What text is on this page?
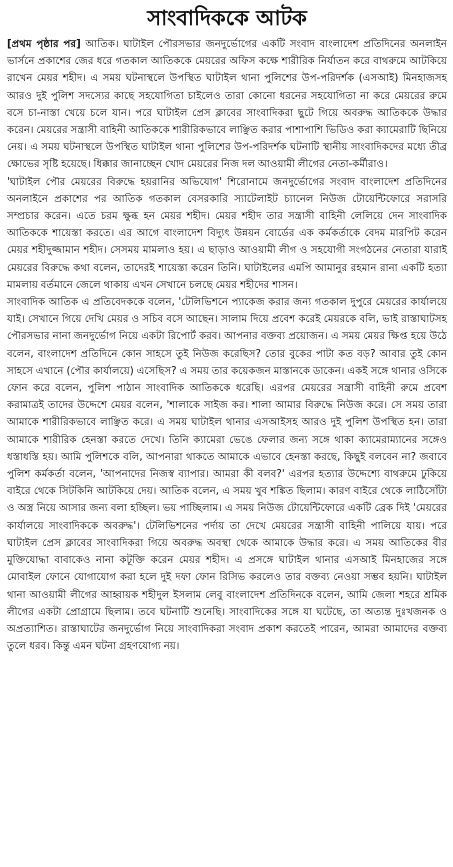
সাংবাদিককে আটক

[প্রথম পৃষ্ঠার পর] আতিক। ঘাটাইল পৌরসভার জনদুর্ভোগের একটি সংবাদ বাংলাদেশ প্রতিদিনের অনলাইন ভার্সনে প্রকাশের জের ধরে গতকাল আতিককে মেয়রের অফিস কক্ষে শারীরিক নির্যাতন করে বাথরুমে আটকিয়ে রাখেন মেয়র শহীদ। এ সময় ঘটনাস্থলে উপস্থিত ঘাটাইল থানা পুলিশের উপ-পরিদর্শক (এসআই) মিনহাজসহ আরও দুই পুলিশ সদস্যের কাছে সহযোগিতা চাইলেও তারা কোনো ধরনের সহযোগিতা না করে মেয়রের রুমে বসে চা-নাস্তা খেয়ে চলে যান। পরে ঘাটাইল প্রেস ক্লাবের সাংবাদিকরা ছুটে গিয়ে অবরুদ্ধ আতিককে উদ্ধার করেন। মেয়রের সন্ত্রাসী বাহিনী আতিককে শারীরিকভাবে লাঞ্ছিত করার পাশাপাশি ভিডিও করা ক্যামেরাটি ছিনিয়ে নেয়। এ সময় ঘটনাস্থলে উপস্থিত ঘাটাইল থানা পুলিশের উপ-পরিদর্শক ঘটনাটি স্থানীয় সাংবাদিকদের মধ্যে তীব্র ক্ষোভের সৃষ্টি হয়েছে। ধিক্কার জানাচ্ছেন খোদ মেয়রের নিজ দল আওয়ামী লীগের নেতা-কর্মীরাও।

'ঘাটাইল পৌর মেয়রের বিরুদ্ধে হয়রানির অভিযোগ' শিরোনামে জনদুর্ভোগের সংবাদ বাংলাদেশ প্রতিদিনের অনলাইনে প্রকাশের পর আতিক গতকাল বেসরকারি স্যাটেলাইট চ্যানেল নিউজ টোয়েন্টিফোরে সরাসরি সম্প্রচার করেন। এতে চরম ক্ষুব্ধ হন মেয়র শহীদ। মেয়র শহীদ তার সন্ত্রাসী বাহিনী লেলিয়ে দেন সাংবাদিক আতিককে শায়েস্তা করতে। এর আগে বাংলাদেশ বিদ্যুৎ উন্নয়ন বোর্ডের এক কর্মকর্তাকে বেদম মারপিট করেন মেয়র শহীদুজ্জামান শহীদ। সেসময় মামলাও হয়। এ ছাড়াও আওয়ামী লীগ ও সহযোগী সংগঠনের নেতারা যারাই মেয়রের বিরুদ্ধে কথা বলেন, তাদেরই শায়েস্তা করেন তিনি। ঘাটাইলের এমপি আমানুর রহমান রানা একটি হত্যা মামলায় বর্তমানে জেলে থাকায় এখন সেখানে চলছে মেয়র শহীদের শাসন।

সাংবাদিক আতিক এ প্রতিবেদককে বলেন, 'টেলিভিশনে প্যাকেজ করার জন্য গতকাল দুপুরে মেয়রের কার্যালয়ে যাই। সেখানে গিয়ে দেখি মেয়র ও সচিব বসে আছেন। সালাম দিয়ে প্রবেশ করেই মেয়রকে বলি, ভাই রাস্তাঘাটসহ পৌরসভার নানা জনদুর্ভোগ নিয়ে একটা রিপোর্ট করব। আপনার বক্তব্য প্রয়োজন। এ সময় মেয়র ক্ষিপ্ত হয়ে উঠে বলেন, বাংলাদেশ প্রতিদিনে কোন সাহসে তুই নিউজ করেছিস? তোর বুকের পাটা কত বড়? আবার তুই কোন সাহসে এখানে (পৌর কার্যালয়ে) এসেছিস? এ সময় তার কয়েকজন মাস্তানকে ডাকেন। একই সঙ্গে থানার ওসিকে ফোন করে বলেন, পুলিশ পাঠান সাংবাদিক আতিককে ধরেছি। এরপর মেয়রের সন্ত্রাসী বাহিনী রুমে প্রবেশ করামাত্রই তাদের উদ্দেশে মেয়র বলেন, 'শালাকে সাইজ কর। শালা আমার বিরুদ্ধে নিউজ করে। সে সময় তারা আমাকে শারীরিকভাবে লাঞ্ছিত করে। এ সময় ঘাটাইল থানার এসআইসহ আরও দুই পুলিশ উপস্থিত হন। তারা আমাকে শারীরিক হেনস্তা করতে দেখে। তিনি ক্যামেরা ভেঙে ফেলার জন্য সঙ্গে থাকা ক্যামেরাম্যানের সঙ্গেও ধস্তাধস্তি হয়। আমি পুলিশকে বলি, আপনারা থাকতে আমাকে এভাবে হেনস্তা করছে, কিছুই বলবেন না? জবাবে পুলিশ কর্মকর্তা বলেন, 'আপনাদের নিজস্ব ব্যাপার। আমরা কী বলব?' এরপর হত্যার উদ্দেশ্যে বাথরুমে ঢুকিয়ে বাইরে থেকে সিটকিনি আটকিয়ে দেয়। আতিক বলেন, এ সময় খুব শঙ্কিত ছিলাম। কারণ বাইরে থেকে লাঠিসোঁটা ও অস্ত্র নিয়ে আসার জন্য বলা হচ্ছিল। ভয় পাচ্ছিলাম। এ সময় নিউজ টোয়েন্টিফোরে একটি ব্রেক দিই 'মেয়রের কার্যালয়ে সাংবাদিককে অবরুদ্ধ'। টেলিভিশনের পর্দায় তা দেখে মেয়রের সন্ত্রাসী বাহিনী পালিয়ে যায়। পরে ঘাটাইল প্রেস ক্লাবের সাংবাদিকরা গিয়ে অবরুদ্ধ অবস্থা থেকে আমাকে উদ্ধার করে। এ সময় আতিকের বীর মুক্তিযোদ্ধা বাবাকেও নানা কটূক্তি করেন মেয়র শহীদ। এ প্রসঙ্গে ঘাটাইল থানার এসআই মিনহাজের সঙ্গে মোবাইল ফোনে যোগাযোগ করা হলে দুই দফা ফোন রিসিভ করলেও তার বক্তব্য নেওয়া সম্ভব হয়নি। ঘাটাইল থানা আওয়ামী লীগের আহ্বায়ক শহীদুল ইসলাম লেবু বাংলাদেশ প্রতিদিনকে বলেন, আমি জেলা শহরে শ্রমিক লীগের একটা প্রোগ্রামে ছিলাম। তবে ঘটনাটি শুনেছি। সাংবাদিকের সঙ্গে যা ঘটেছে, তা অত্যন্ত দুঃখজনক ও অপ্রত্যাশিত। রাস্তাঘাটের জনদুর্ভোগ নিয়ে সাংবাদিকরা সংবাদ প্রকাশ করতেই পারেন, আমরা আমাদের বক্তব্য তুলে ধরব। কিন্তু এমন ঘটনা গ্রহণযোগ্য নয়।
